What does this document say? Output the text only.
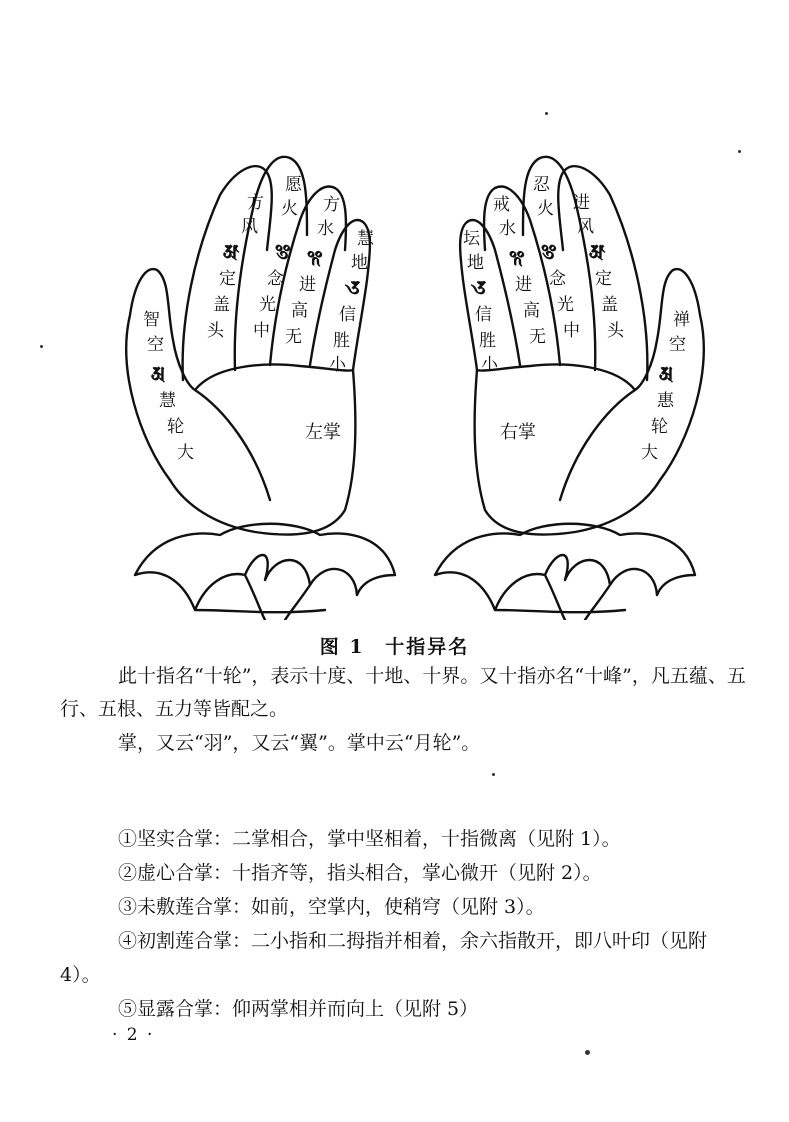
左掌
智
空
𑖀
慧
轮
大
方
风
𑖁
定
盖
头
愿
火
𑖂
念
光
中
方
水
𑖃
进
高
无
慧
地
𑖄
信
胜
小
右掌
禅
空
𑖀
惠
轮
大
进
风
𑖁
定
盖
头
忍
火
𑖂
念
光
中
戒
水
𑖃
进
高
无
坛
地
𑖄
信
胜
小
图 1 十指异名
此十指名“十轮”，表示十度、十地、十界。又十指亦名“十峰”，凡五蕴、五行、五根、五力等皆配之。
掌，又云“羽”，又云“翼”。掌中云“月轮”。
①坚实合掌：二掌相合，掌中坚相着，十指微离（见附 1）。
②虚心合掌：十指齐等，指头相合，掌心微开（见附 2）。
③未敷莲合掌：如前，空掌内，使稍穹（见附 3）。
④初割莲合掌：二小指和二拇指并相着，余六指散开，即八叶印（见附 4）。
⑤显露合掌：仰两掌相并而向上（见附 5）
· 2 ·
